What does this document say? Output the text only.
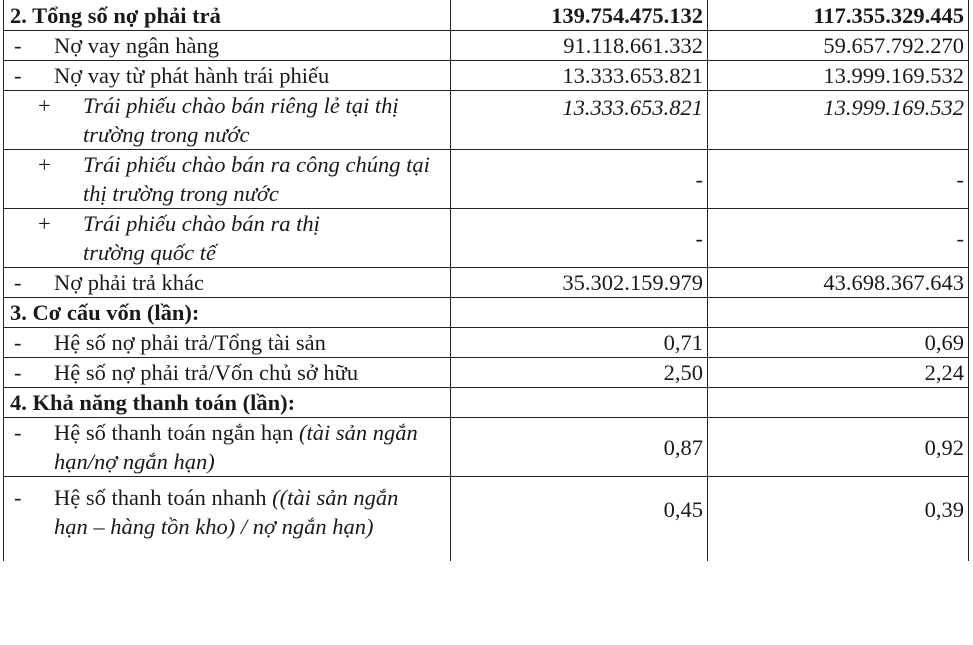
2. Tổng số nợ phải trả	139.754.475.132	117.355.329.445
- Nợ vay ngân hàng	91.118.661.332	59.657.792.270
- Nợ vay từ phát hành trái phiếu	13.333.653.821	13.999.169.532

+ Trái phiếu chào bán riêng lẻ tại thị trường trong nước	13.333.653.821	13.999.169.532

+ Trái phiếu chào bán ra công chúng tại thị trường trong nước	-	-

+ Trái phiếu chào bán ra thị trường quốc tế	-	-
- Nợ phải trả khác	35.302.159.979	43.698.367.643
3. Cơ cấu vốn (lần):		
- Hệ số nợ phải trả/Tổng tài sản	0,71	0,69
- Hệ số nợ phải trả/Vốn chủ sở hữu	2,50	2,24
4. Khả năng thanh toán (lần):		

- Hệ số thanh toán ngắn hạn (tài sản ngắn hạn/nợ ngắn hạn)	0,87	0,92

- Hệ số thanh toán nhanh ((tài sản ngắn hạn – hàng tồn kho) / nợ ngắn hạn)	0,45	0,39
